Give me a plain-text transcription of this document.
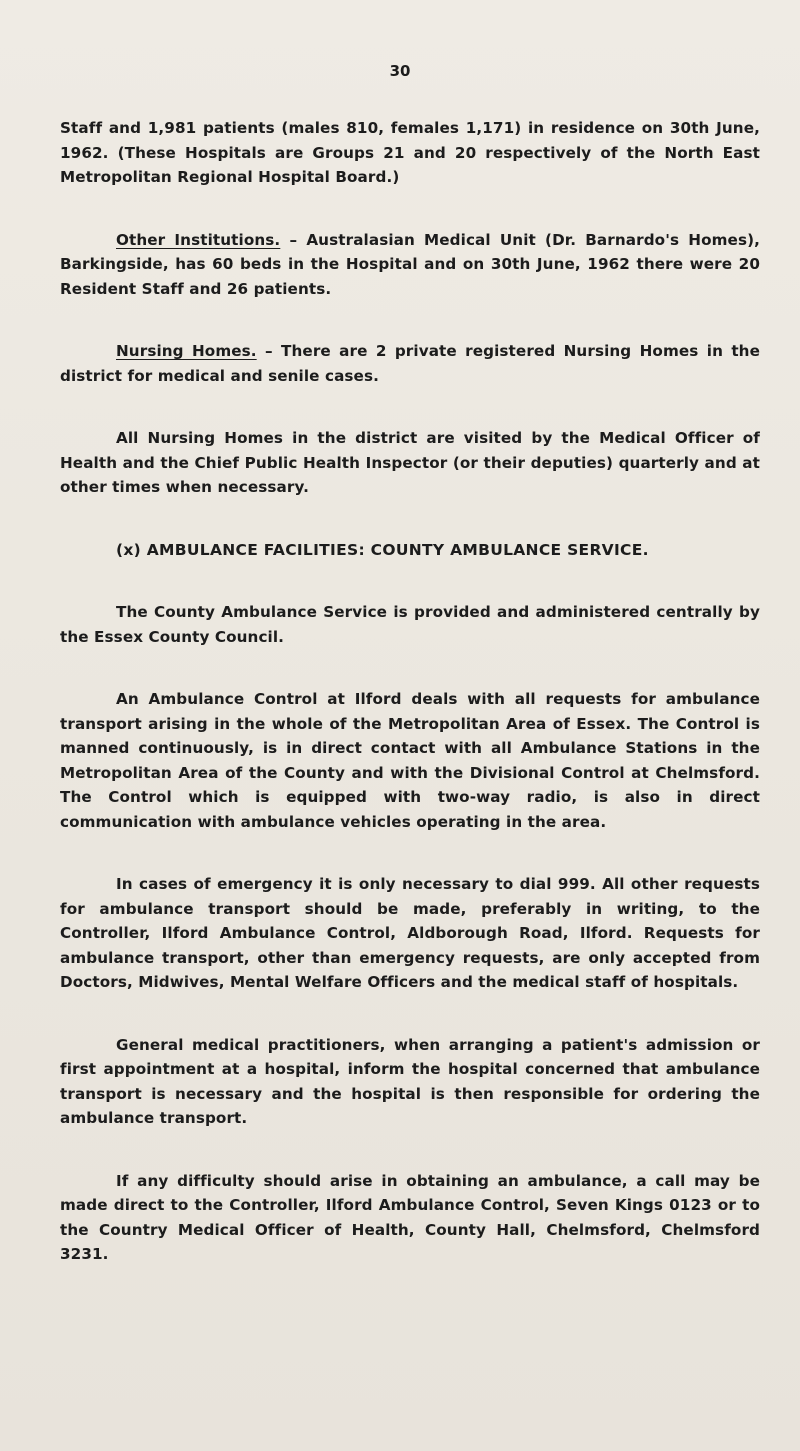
30

Staff and 1,981 patients (males 810, females 1,171) in residence on 30th June, 1962. (These Hospitals are Groups 21 and 20 respectively of the North East Metropolitan Regional Hospital Board.)

Other Institutions. – Australasian Medical Unit (Dr. Barnardo's Homes), Barkingside, has 60 beds in the Hospital and on 30th June, 1962 there were 20 Resident Staff and 26 patients.

Nursing Homes. – There are 2 private registered Nursing Homes in the district for medical and senile cases.

All Nursing Homes in the district are visited by the Medical Officer of Health and the Chief Public Health Inspector (or their deputies) quarterly and at other times when necessary.

(x) AMBULANCE FACILITIES: COUNTY AMBULANCE SERVICE.

The County Ambulance Service is provided and administered centrally by the Essex County Council.

An Ambulance Control at Ilford deals with all requests for ambulance transport arising in the whole of the Metropolitan Area of Essex. The Control is manned continuously, is in direct contact with all Ambulance Stations in the Metropolitan Area of the County and with the Divisional Control at Chelmsford. The Control which is equipped with two-way radio, is also in direct communication with ambulance vehicles operating in the area.

In cases of emergency it is only necessary to dial 999. All other requests for ambulance transport should be made, preferably in writing, to the Controller, Ilford Ambulance Control, Aldborough Road, Ilford. Requests for ambulance transport, other than emergency requests, are only accepted from Doctors, Midwives, Mental Welfare Officers and the medical staff of hospitals.

General medical practitioners, when arranging a patient's admission or first appointment at a hospital, inform the hospital concerned that ambulance transport is necessary and the hospital is then responsible for ordering the ambulance transport.

If any difficulty should arise in obtaining an ambulance, a call may be made direct to the Controller, Ilford Ambulance Control, Seven Kings 0123 or to the Country Medical Officer of Health, County Hall, Chelmsford, Chelmsford 3231.
